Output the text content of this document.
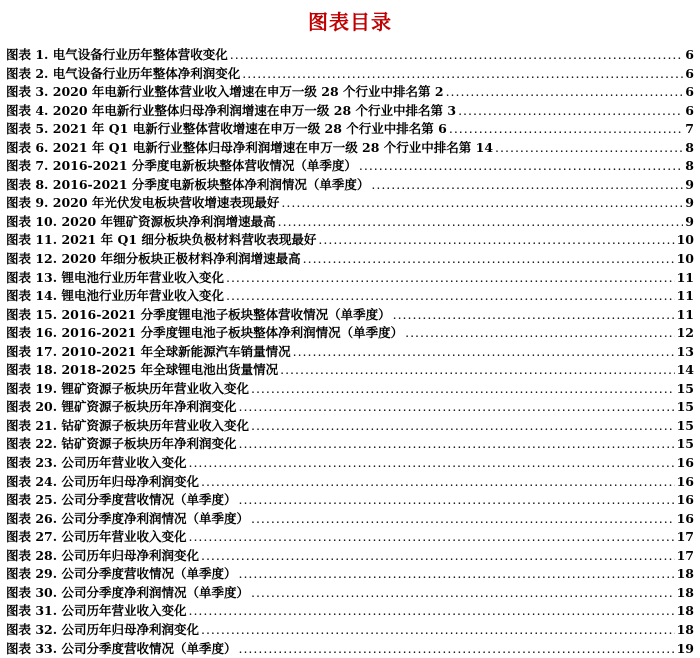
图表目录
图表 1. 电气设备行业历年整体营收变化 .....	6
图表 2. 电气设备行业历年整体净利润变化 .....	6
图表 3. 2020 年电新行业整体营业收入增速在申万一级 28 个行业中排名第 2 .....	6
图表 4. 2020 年电新行业整体归母净利润增速在申万一级 28 个行业中排名第 3 .....	6
图表 5. 2021 年 Q1 电新行业整体营收增速在申万一级 28 个行业中排名第 6 .....	7
图表 6. 2021 年 Q1 电新行业整体归母净利润增速在申万一级 28 个行业中排名第 14 .....	8
图表 7. 2016-2021 分季度电新板块整体营收情况（单季度） .....	8
图表 8. 2016-2021 分季度电新板块整体净利润情况（单季度） .....	9
图表 9. 2020 年光伏发电板块营收增速表现最好 .....	9
图表 10. 2020 年锂矿资源板块净利润增速最高 .....	9
图表 11. 2021 年 Q1 细分板块负极材料营收表现最好 .....	10
图表 12. 2020 年细分板块正极材料净利润增速最高 .....	10
图表 13. 锂电池行业历年营业收入变化 .....	11
图表 14. 锂电池行业历年营业收入变化 .....	11
图表 15. 2016-2021 分季度锂电池子板块整体营收情况（单季度） .....	11
图表 16. 2016-2021 分季度锂电池子板块整体净利润情况（单季度） .....	12
图表 17. 2010-2021 年全球新能源汽车销量情况 .....	13
图表 18. 2018-2025 年全球锂电池出货量情况 .....	14
图表 19. 锂矿资源子板块历年营业收入变化 .....	15
图表 20. 锂矿资源子板块历年净利润变化 .....	15
图表 21. 钴矿资源子板块历年营业收入变化 .....	15
图表 22. 钴矿资源子板块历年净利润变化 .....	15
图表 23. 公司历年营业收入变化 .....	16
图表 24. 公司历年归母净利润变化 .....	16
图表 25. 公司分季度营收情况（单季度） .....	16
图表 26. 公司分季度净利润情况（单季度） .....	16
图表 27. 公司历年营业收入变化 .....	17
图表 28. 公司历年归母净利润变化 .....	17
图表 29. 公司分季度营收情况（单季度） .....	18
图表 30. 公司分季度净利润情况（单季度） .....	18
图表 31. 公司历年营业收入变化 .....	18
图表 32. 公司历年归母净利润变化 .....	18
图表 33. 公司分季度营收情况（单季度） .....	19
